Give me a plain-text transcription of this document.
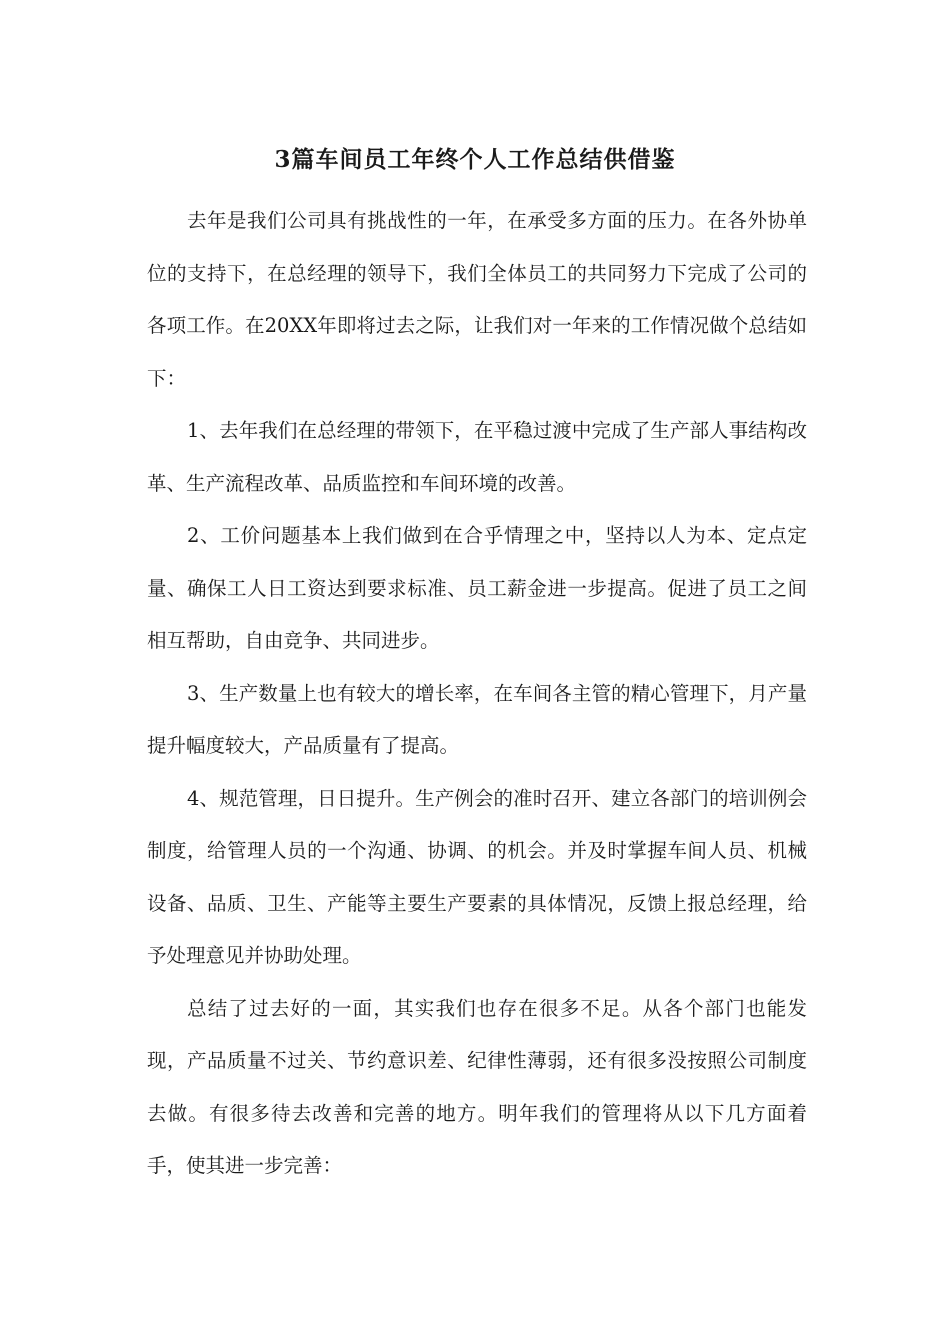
3篇车间员工年终个人工作总结供借鉴

去年是我们公司具有挑战性的一年，在承受多方面的压力。在各外协单位的支持下，在总经理的领导下，我们全体员工的共同努力下完成了公司的各项工作。在20XX年即将过去之际，让我们对一年来的工作情况做个总结如下：

1、去年我们在总经理的带领下，在平稳过渡中完成了生产部人事结构改革、生产流程改革、品质监控和车间环境的改善。

2、工价问题基本上我们做到在合乎情理之中，坚持以人为本、定点定量、确保工人日工资达到要求标准、员工薪金进一步提高。促进了员工之间相互帮助，自由竞争、共同进步。

3、生产数量上也有较大的增长率，在车间各主管的精心管理下，月产量提升幅度较大，产品质量有了提高。

4、规范管理，日日提升。生产例会的准时召开、建立各部门的培训例会制度，给管理人员的一个沟通、协调、的机会。并及时掌握车间人员、机械设备、品质、卫生、产能等主要生产要素的具体情况，反馈上报总经理，给予处理意见并协助处理。

总结了过去好的一面，其实我们也存在很多不足。从各个部门也能发现，产品质量不过关、节约意识差、纪律性薄弱，还有很多没按照公司制度去做。有很多待去改善和完善的地方。明年我们的管理将从以下几方面着手，使其进一步完善：
